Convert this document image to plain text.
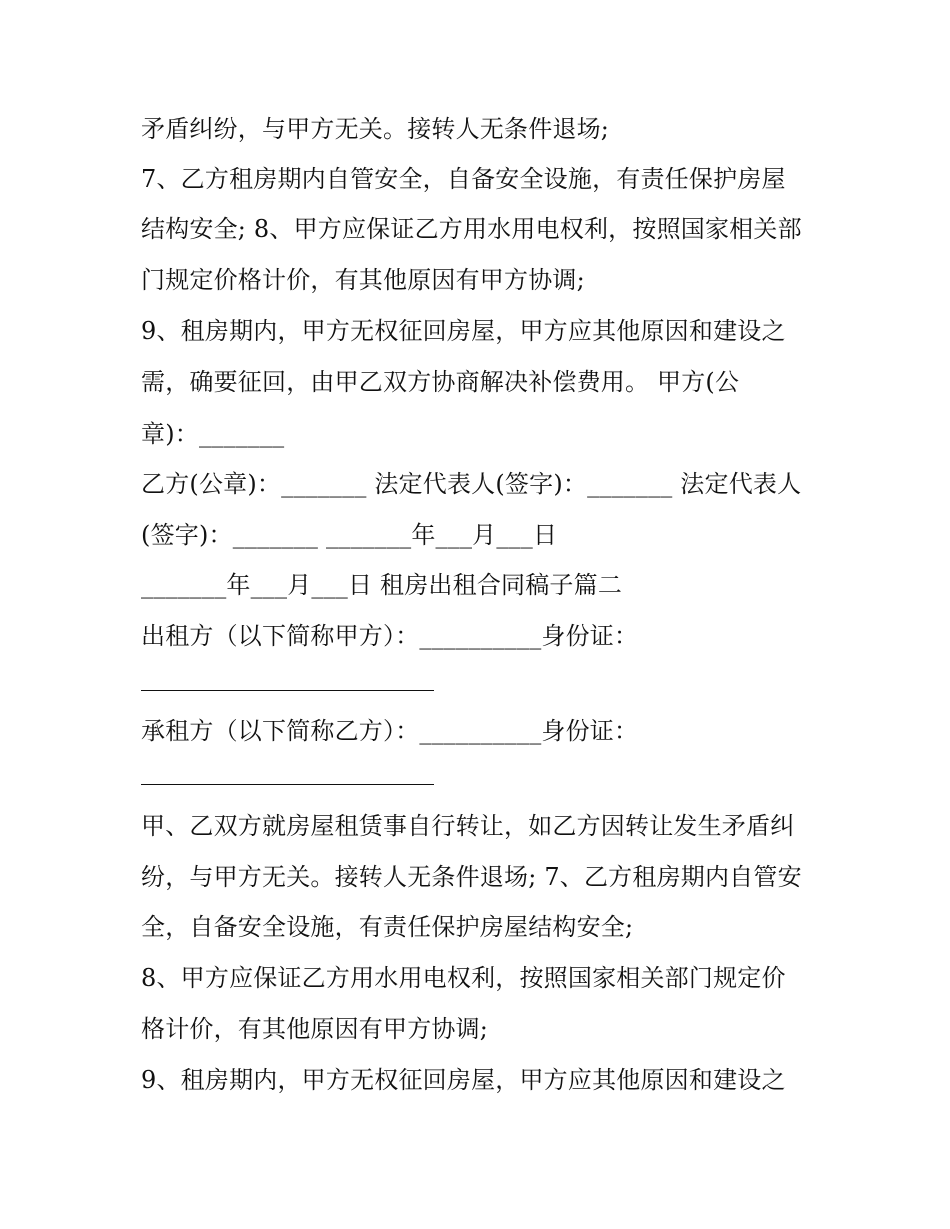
矛盾纠纷，与甲方无关。接转人无条件退场;
7、乙方租房期内自管安全，自备安全设施，有责任保护房屋
结构安全; 8、甲方应保证乙方用水用电权利，按照国家相关部
门规定价格计价，有其他原因有甲方协调;
9、租房期内，甲方无权征回房屋，甲方应其他原因和建设之
需，确要征回，由甲乙双方协商解决补偿费用。 甲方(公
章)：_______
乙方(公章)：_______ 法定代表人(签字)：_______ 法定代表人
(签字)：_______ _______年___月___日
_______年___月___日 租房出租合同稿子篇二
出租方（以下简称甲方）：__________身份证：
承租方（以下简称乙方）：__________身份证：
甲、乙双方就房屋租赁事自行转让，如乙方因转让发生矛盾纠
纷，与甲方无关。接转人无条件退场; 7、乙方租房期内自管安
全，自备安全设施，有责任保护房屋结构安全;
8、甲方应保证乙方用水用电权利，按照国家相关部门规定价
格计价，有其他原因有甲方协调;
9、租房期内，甲方无权征回房屋，甲方应其他原因和建设之
